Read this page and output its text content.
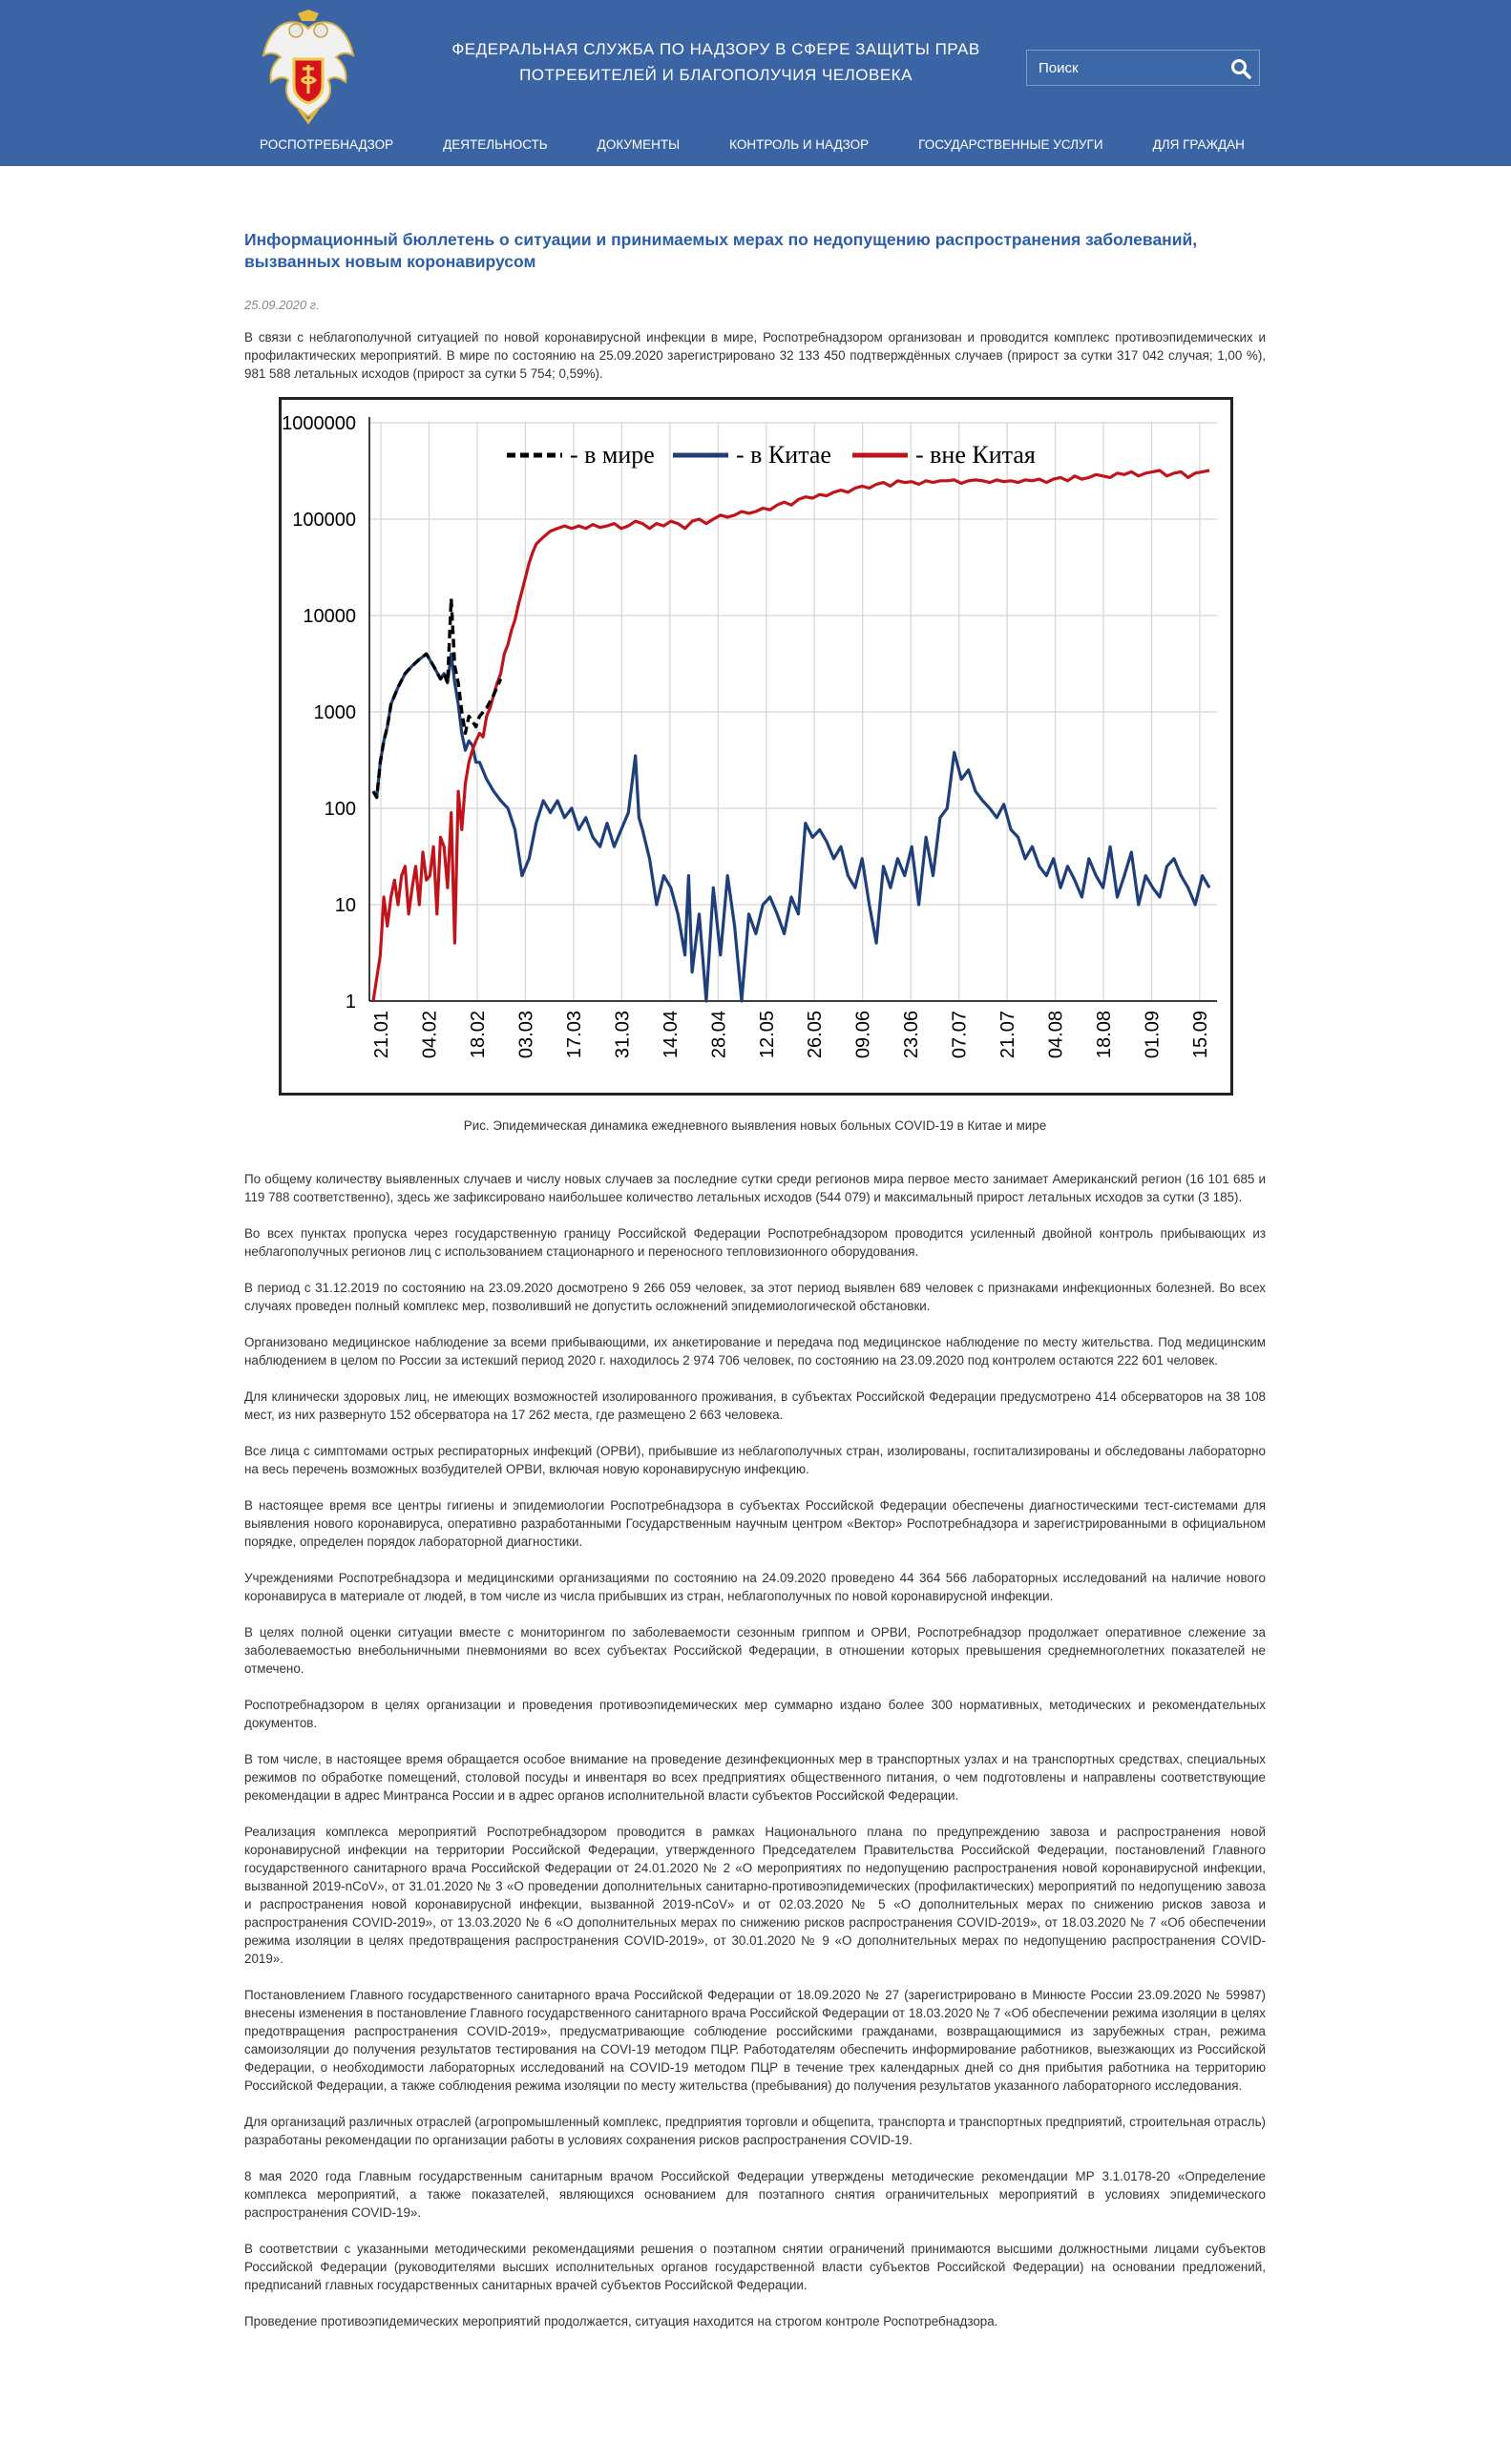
ФЕДЕРАЛЬНАЯ СЛУЖБА ПО НАДЗОРУ В СФЕРЕ ЗАЩИТЫ ПРАВ
ПОТРЕБИТЕЛЕЙ И БЛАГОПОЛУЧИЯ ЧЕЛОВЕКА
Поиск
РОСПОТРЕБНАДЗОР	ДЕЯТЕЛЬНОСТЬ	ДОКУМЕНТЫ	КОНТРОЛЬ И НАДЗОР	ГОСУДАРСТВЕННЫЕ УСЛУГИ	ДЛЯ ГРАЖДАН
Информационный бюллетень о ситуации и принимаемых мерах по недопущению распространения заболеваний, вызванных новым коронавирусом
25.09.2020 г.

В связи с неблагополучной ситуацией по новой коронавирусной инфекции в мире, Роспотребнадзором организован и проводится комплекс противоэпидемических и профилактических мероприятий. В мире по состоянию на 25.09.2020 зарегистрировано 32 133 450 подтверждённых случаев (прирост за сутки 317 042 случая; 1,00 %), 981 588 летальных исходов (прирост за сутки 5 754; 0,59%).

1
10
100
1000
10000
100000
1000000
21.01 04.02 18.02 03.03 17.03 31.03 14.04 28.04 12.05 26.05 09.06 23.06 07.07 21.07 04.08 18.08 01.09 15.09
- в мире	- в Китае	- вне Китая
Рис. Эпидемическая динамика ежедневного выявления новых больных COVID-19 в Китае и мире

По общему количеству выявленных случаев и числу новых случаев за последние сутки среди регионов мира первое место занимает Американский регион (16 101 685 и 119 788 соответственно), здесь же зафиксировано наибольшее количество летальных исходов (544 079) и максимальный прирост летальных исходов за сутки (3 185).

Во всех пунктах пропуска через государственную границу Российской Федерации Роспотребнадзором проводится усиленный двойной контроль прибывающих из неблагополучных регионов лиц с использованием стационарного и переносного тепловизионного оборудования.

В период с 31.12.2019 по состоянию на 23.09.2020 досмотрено 9 266 059 человек, за этот период выявлен 689 человек с признаками инфекционных болезней. Во всех случаях проведен полный комплекс мер, позволивший не допустить осложнений эпидемиологической обстановки.

Организовано медицинское наблюдение за всеми прибывающими, их анкетирование и передача под медицинское наблюдение по месту жительства. Под медицинским наблюдением в целом по России за истекший период 2020 г. находилось 2 974 706 человек, по состоянию на 23.09.2020 под контролем остаются 222 601 человек.

Для клинически здоровых лиц, не имеющих возможностей изолированного проживания, в субъектах Российской Федерации предусмотрено 414 обсерваторов на 38 108 мест, из них развернуто 152 обсерватора на 17 262 места, где размещено 2 663 человека.

Все лица с симптомами острых респираторных инфекций (ОРВИ), прибывшие из неблагополучных стран, изолированы, госпитализированы и обследованы лабораторно на весь перечень возможных возбудителей ОРВИ, включая новую коронавирусную инфекцию.

В настоящее время все центры гигиены и эпидемиологии Роспотребнадзора в субъектах Российской Федерации обеспечены диагностическими тест-системами для выявления нового коронавируса, оперативно разработанными Государственным научным центром «Вектор» Роспотребнадзора и зарегистрированными в официальном порядке, определен порядок лабораторной диагностики.

Учреждениями Роспотребнадзора и медицинскими организациями по состоянию на 24.09.2020 проведено 44 364 566 лабораторных исследований на наличие нового коронавируса в материале от людей, в том числе из числа прибывших из стран, неблагополучных по новой коронавирусной инфекции.

В целях полной оценки ситуации вместе с мониторингом по заболеваемости сезонным гриппом и ОРВИ, Роспотребнадзор продолжает оперативное слежение за заболеваемостью внебольничными пневмониями во всех субъектах Российской Федерации, в отношении которых превышения среднемноголетних показателей не отмечено.

Роспотребнадзором в целях организации и проведения противоэпидемических мер суммарно издано более 300 нормативных, методических и рекомендательных документов.

В том числе, в настоящее время обращается особое внимание на проведение дезинфекционных мер в транспортных узлах и на транспортных средствах, специальных режимов по обработке помещений, столовой посуды и инвентаря во всех предприятиях общественного питания, о чем подготовлены и направлены соответствующие рекомендации в адрес Минтранса России и в адрес органов исполнительной власти субъектов Российской Федерации.

Реализация комплекса мероприятий Роспотребнадзором проводится в рамках Национального плана по предупреждению завоза и распространения новой коронавирусной инфекции на территории Российской Федерации, утвержденного Председателем Правительства Российской Федерации, постановлений Главного государственного санитарного врача Российской Федерации от 24.01.2020 № 2 «О мероприятиях по недопущению распространения новой коронавирусной инфекции, вызванной 2019-nCoV», от 31.01.2020 № 3 «О проведении дополнительных санитарно-противоэпидемических (профилактических) мероприятий по недопущению завоза и распространения новой коронавирусной инфекции, вызванной 2019-nCoV» и от 02.03.2020 № 5 «О дополнительных мерах по снижению рисков завоза и распространения COVID-2019», от 13.03.2020 № 6 «О дополнительных мерах по снижению рисков распространения COVID-2019», от 18.03.2020 № 7 «Об обеспечении режима изоляции в целях предотвращения распространения COVID-2019», от 30.01.2020 № 9 «О дополнительных мерах по недопущению распространения COVID-2019».

Постановлением Главного государственного санитарного врача Российской Федерации от 18.09.2020 № 27 (зарегистрировано в Минюсте России 23.09.2020 № 59987) внесены изменения в постановление Главного государственного санитарного врача Российской Федерации от 18.03.2020 № 7 «Об обеспечении режима изоляции в целях предотвращения распространения COVID-2019», предусматривающие соблюдение российскими гражданами, возвращающимися из зарубежных стран, режима самоизоляции до получения результатов тестирования на COVI-19 методом ПЦР. Работодателям обеспечить информирование работников, выезжающих из Российской Федерации, о необходимости лабораторных исследований на COVID-19 методом ПЦР в течение трех календарных дней со дня прибытия работника на территорию Российской Федерации, а также соблюдения режима изоляции по месту жительства (пребывания) до получения результатов указанного лабораторного исследования.

Для организаций различных отраслей (агропромышленный комплекс, предприятия торговли и общепита, транспорта и транспортных предприятий, строительная отрасль) разработаны рекомендации по организации работы в условиях сохранения рисков распространения COVID-19.

8 мая 2020 года Главным государственным санитарным врачом Российской Федерации утверждены методические рекомендации МР 3.1.0178-20 «Определение комплекса мероприятий, а также показателей, являющихся основанием для поэтапного снятия ограничительных мероприятий в условиях эпидемического распространения COVID-19».

В соответствии с указанными методическими рекомендациями решения о поэтапном снятии ограничений принимаются высшими должностными лицами субъектов Российской Федерации (руководителями высших исполнительных органов государственной власти субъектов Российской Федерации) на основании предложений, предписаний главных государственных санитарных врачей субъектов Российской Федерации.

Проведение противоэпидемических мероприятий продолжается, ситуация находится на строгом контроле Роспотребнадзора.
